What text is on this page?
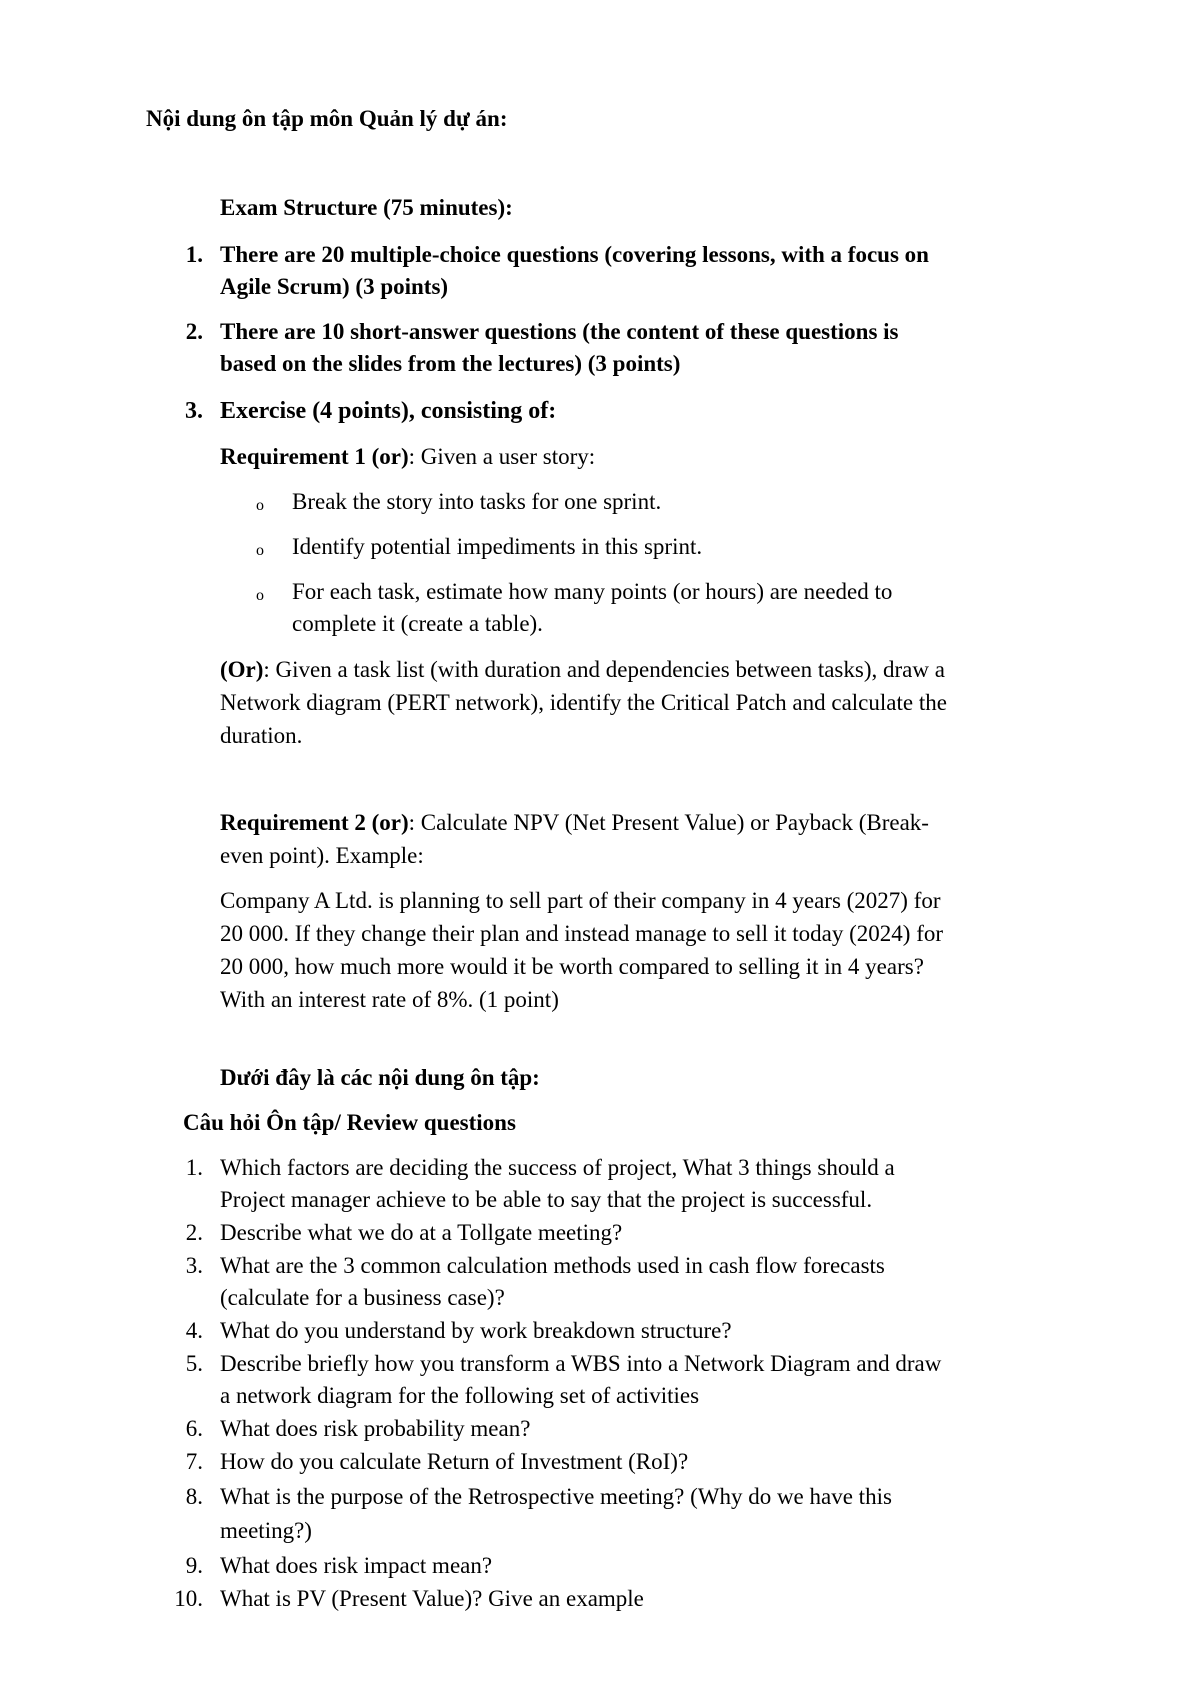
Nội dung ôn tập môn Quản lý dự án:

Exam Structure (75 minutes):

1. There are 20 multiple-choice questions (covering lessons, with a focus on
Agile Scrum) (3 points)
2. There are 10 short-answer questions (the content of these questions is
based on the slides from the lectures) (3 points)
3. Exercise (4 points), consisting of:

Requirement 1 (or): Given a user story:

o Break the story into tasks for one sprint.
o Identify potential impediments in this sprint.
o For each task, estimate how many points (or hours) are needed to
complete it (create a table).

(Or): Given a task list (with duration and dependencies between tasks), draw a

Network diagram (PERT network), identify the Critical Patch and calculate the

duration.

Requirement 2 (or): Calculate NPV (Net Present Value) or Payback (Break-

even point). Example:

Company A Ltd. is planning to sell part of their company in 4 years (2027) for

20 000. If they change their plan and instead manage to sell it today (2024) for

20 000, how much more would it be worth compared to selling it in 4 years?

With an interest rate of 8%. (1 point)

Dưới đây là các nội dung ôn tập:

Câu hỏi Ôn tập/ Review questions

1. Which factors are deciding the success of project, What 3 things should a
Project manager achieve to be able to say that the project is successful.
2. Describe what we do at a Tollgate meeting?
3. What are the 3 common calculation methods used in cash flow forecasts
(calculate for a business case)?
4. What do you understand by work breakdown structure?
5. Describe briefly how you transform a WBS into a Network Diagram and draw
a network diagram for the following set of activities
6. What does risk probability mean?
7. How do you calculate Return of Investment (RoI)?
8. What is the purpose of the Retrospective meeting? (Why do we have this
meeting?)
9. What does risk impact mean?
10. What is PV (Present Value)? Give an example
